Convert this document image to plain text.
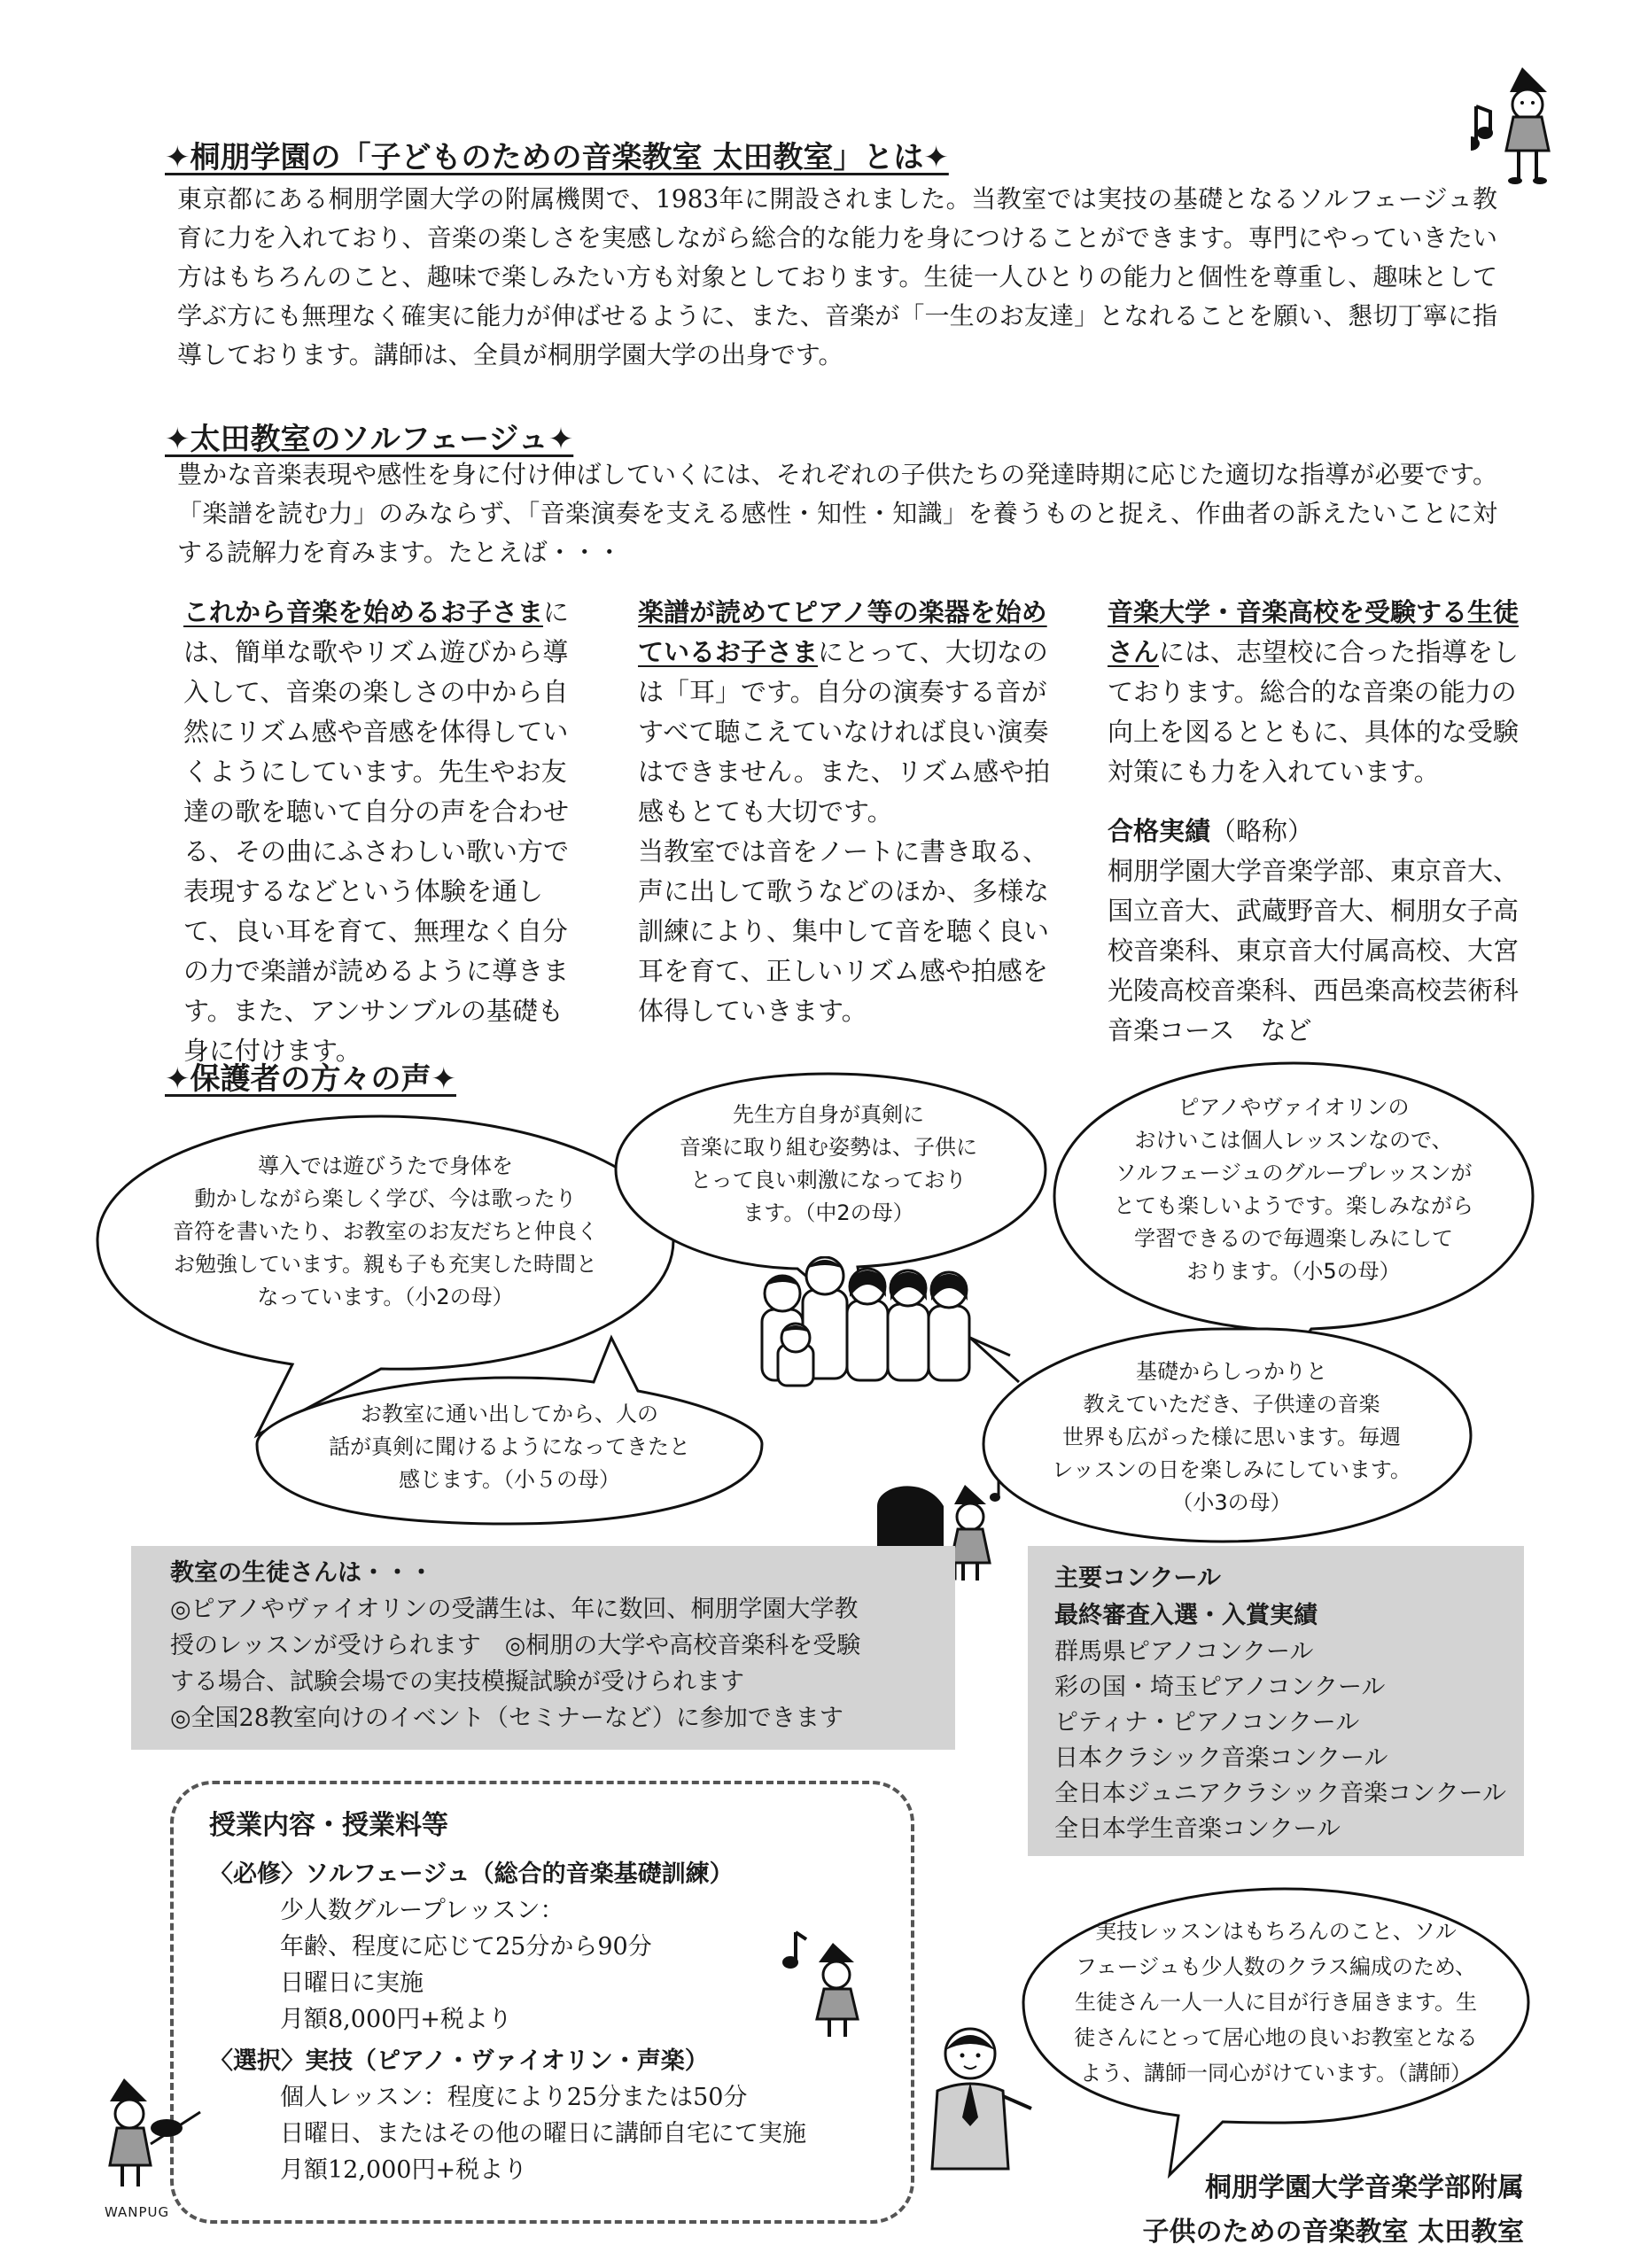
✦桐朋学園の「子どものための音楽教室 太田教室」とは✦
東京都にある桐朋学園大学の附属機関で、1983年に開設されました。当教室では実技の基礎となるソルフェージュ教育に力を入れており、音楽の楽しさを実感しながら総合的な能力を身につけることができます。専門にやっていきたい方はもちろんのこと、趣味で楽しみたい方も対象としております。生徒一人ひとりの能力と個性を尊重し、趣味として学ぶ方にも無理なく確実に能力が伸ばせるように、また、音楽が「一生のお友達」となれることを願い、懇切丁寧に指導しております。講師は、全員が桐朋学園大学の出身です。
✦太田教室のソルフェージュ✦
豊かな音楽表現や感性を身に付け伸ばしていくには、それぞれの子供たちの発達時期に応じた適切な指導が必要です。「楽譜を読む力」のみならず、「音楽演奏を支える感性・知性・知識」を養うものと捉え、作曲者の訴えたいことに対する読解力を育みます。たとえば・・・
これから音楽を始めるお子さまには、簡単な歌やリズム遊びから導入して、音楽の楽しさの中から自然にリズム感や音感を体得していくようにしています。先生やお友達の歌を聴いて自分の声を合わせる、その曲にふさわしい歌い方で表現するなどという体験を通して、良い耳を育て、無理なく自分の力で楽譜が読めるように導きます。また、アンサンブルの基礎も身に付けます。
楽譜が読めてピアノ等の楽器を始めているお子さまにとって、大切なのは「耳」です。自分の演奏する音がすべて聴こえていなければ良い演奏はできません。また、リズム感や拍感もとても大切です。
当教室では音をノートに書き取る、声に出して歌うなどのほか、多様な訓練により、集中して音を聴く良い耳を育て、正しいリズム感や拍感を体得していきます。
音楽大学・音楽高校を受験する生徒さんには、志望校に合った指導をしております。総合的な音楽の能力の向上を図るとともに、具体的な受験対策にも力を入れています。
合格実績（略称）
桐朋学園大学音楽学部、東京音大、国立音大、武蔵野音大、桐朋女子高校音楽科、東京音大付属高校、大宮光陵高校音楽科、西邑楽高校芸術科 音楽コース　など
✦保護者の方々の声✦
導入では遊びうたで身体を
動かしながら楽しく学び、今は歌ったり
音符を書いたり、お教室のお友だちと仲良く
お勉強しています。親も子も充実した時間と
なっています。（小2の母）
先生方自身が真剣に
音楽に取り組む姿勢は、子供に
とって良い刺激になっており
ます。（中2の母）
ピアノやヴァイオリンの
おけいこは個人レッスンなので、
ソルフェージュのグループレッスンが
とても楽しいようです。楽しみながら
学習できるので毎週楽しみにして
おります。（小5の母）
お教室に通い出してから、人の
話が真剣に聞けるようになってきたと
感じます。（小５の母）
基礎からしっかりと
教えていただき、子供達の音楽
世界も広がった様に思います。毎週
レッスンの日を楽しみにしています。
（小3の母）
教室の生徒さんは・・・
◎ピアノやヴァイオリンの受講生は、年に数回、桐朋学園大学教
授のレッスンが受けられます　◎桐朋の大学や高校音楽科を受験
する場合、試験会場での実技模擬試験が受けられます
◎全国28教室向けのイベント（セミナーなど）に参加できます
主要コンクール
最終審査入選・入賞実績
群馬県ピアノコンクール
彩の国・埼玉ピアノコンクール
ピティナ・ピアノコンクール
日本クラシック音楽コンクール
全日本ジュニアクラシック音楽コンクール
全日本学生音楽コンクール
授業内容・授業料等
〈必修〉ソルフェージュ（総合的音楽基礎訓練）
少人数グループレッスン：
年齢、程度に応じて25分から90分
日曜日に実施
月額8,000円+税より
〈選択〉実技（ピアノ・ヴァイオリン・声楽）
個人レッスン：程度により25分または50分
日曜日、またはその他の曜日に講師自宅にて実施
月額12,000円+税より
WANPUG
実技レッスンはもちろんのこと、ソル
フェージュも少人数のクラス編成のため、
生徒さん一人一人に目が行き届きます。生
徒さんにとって居心地の良いお教室となる
よう、講師一同心がけています。（講師）
桐朋学園大学音楽学部附属
子供のための音楽教室 太田教室
